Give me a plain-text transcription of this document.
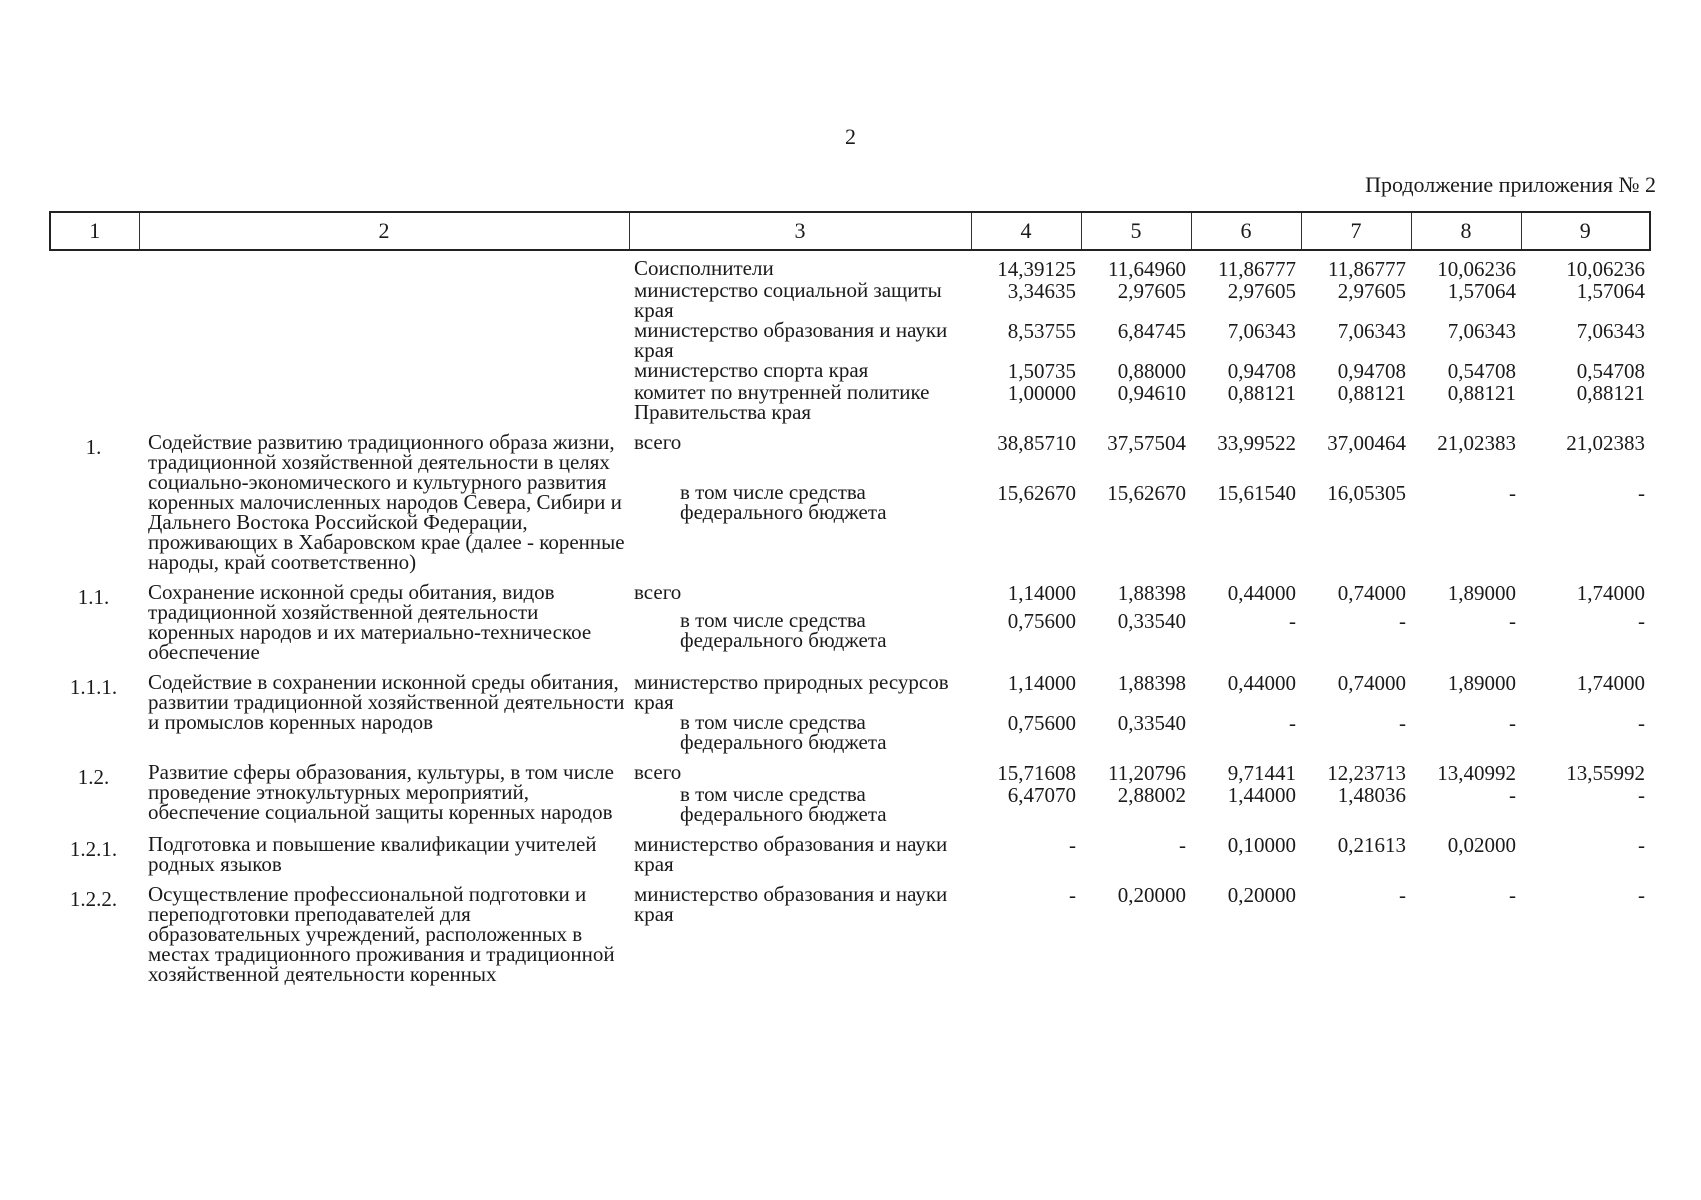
2
Продолжение приложения № 2
1	2	3	4	5	6	7	8	9
		Соисполнители	14,39125	11,64960	11,86777	11,86777	10,06236	10,06236
		министерство социальной защиты края	3,34635	2,97605	2,97605	2,97605	1,57064	1,57064
		министерство образования и науки края	8,53755	6,84745	7,06343	7,06343	7,06343	7,06343
		министерство спорта края	1,50735	0,88000	0,94708	0,94708	0,54708	0,54708
		комитет по внутренней политике Правительства края	1,00000	0,94610	0,88121	0,88121	0,88121	0,88121

1.	Содействие развитию традиционного образа жизни, традиционной хозяйственной деятельности в целях социально-экономического и культурного развития коренных малочисленных народов Севера, Сибири и Дальнего Востока Российской Федерации, проживающих в Хабаровском крае (далее - коренные народы, край соответственно)	всего	38,85710	37,57504	33,99522	37,00464	21,02383	21,02383
		в том числе средства федерального бюджета	15,62670	15,62670	15,61540	16,05305	-	-

1.1.	Сохранение исконной среды обитания, видов традиционной хозяйственной деятельности коренных народов и их материально-техническое обеспечение	всего	1,14000	1,88398	0,44000	0,74000	1,89000	1,74000
		в том числе средства федерального бюджета	0,75600	0,33540	-	-	-	-

1.1.1.	Содействие в сохранении исконной среды обитания, развитии традиционной хозяйственной деятельности и промыслов коренных народов	министерство природных ресурсов края	1,14000	1,88398	0,44000	0,74000	1,89000	1,74000
		в том числе средства федерального бюджета	0,75600	0,33540	-	-	-	-

1.2.	Развитие сферы образования, культуры, в том числе проведение этнокультурных мероприятий, обеспечение социальной защиты коренных народов	всего	15,71608	11,20796	9,71441	12,23713	13,40992	13,55992
		в том числе средства федерального бюджета	6,47070	2,88002	1,44000	1,48036	-	-

1.2.1.	Подготовка и повышение квалификации учителей родных языков	министерство образования и науки края	-	-	0,10000	0,21613	0,02000	-

1.2.2.	Осуществление профессиональной подготовки и переподготовки преподавателей для образовательных учреждений, расположенных в местах традиционного проживания и традиционной хозяйственной деятельности коренных	министерство образования и науки края	-	0,20000	0,20000	-	-	-
